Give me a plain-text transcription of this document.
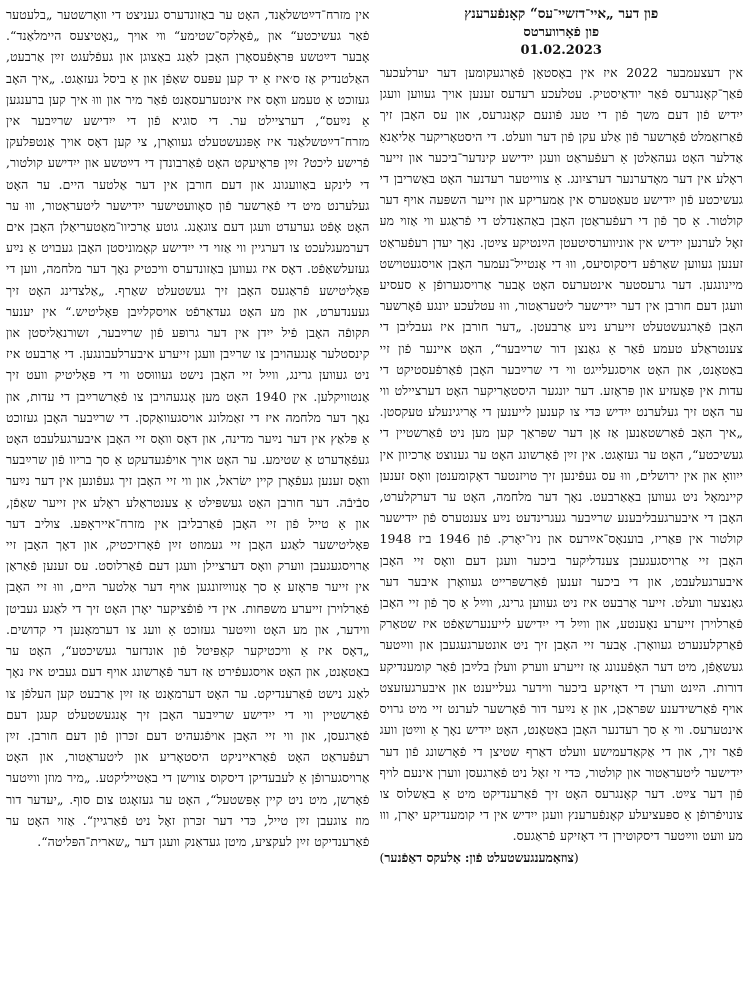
אין מזרח־דײַטשלאַנד, האָט ער באַזונדערס געניצט די װאָרשטער „בלעטער פֿאַר געשיכטע“ און „פֿאָלקס־שטימע“ װי אויך „נאָטיצעס היימלאַנד“. אָבער דײַטשע פּראָפֿעסאָרן האָבן לאַנג באַצוגן און געפֿלעגט זײַן אַרבעט, האַלטנדיק אַז ס׳איז אַ יד קען עפּעס שאַפֿן און אַ ביסל געזאַגט. „איך האָב געזוכט אַ טעמע װאָס איז אינטערעסאַנט פֿאַר מיר און װוּ איך קען ברענגען אַ נײַעס“, דערציילט ער. די סוגיא פֿון די ייִדישע שרײַבער אין מזרח־דײַטשלאַנד איז אָפּגעשטעלט געוואָרן, צי קען דאָס אויך אַנטפּלעקן פֿרישע ליכט? זײַן פּראָיעקט האָט פֿאַרבונדן די דײַטשע און ייִדישע קולטור, די לינקע באַוועגונג און דעם חורבן אין דער אַלטער היים. ער האָט געלערנט מיט די פֿאַרשער פֿון סאָוועטישער ייִדישער ליטעראַטור, װוּ ער האָט אָפֿט גערעדט װעגן דעם צוגאַנג. גוטע אַרכיוו־מאַטעריאַלן האָבן אים דערמעגלעכט צו דערגיין ווי אַזוי די ייִדישע קאָמוניסטן האָבן געבויט אַ נײַע געזעלשאַפֿט. דאָס איז געווען באַזונדערס וויכטיק נאָך דער מלחמה, ווען די פּאָליטישע פֿראַגעס האָבן זיך געשטעלט שאַרף. „אַלצדינג האָט זיך געענדערט, און מע האָט געדאַרפֿט אויסקלײַבן פּאָליטיש.“ אין יענער תּקופֿה האָבן פֿיל ייִדן אין דער גרופּע פֿון שרײַבער, זשורנאַליסטן און קינסטלער אָנגעהויבן צו שרײַבן װעגן זייערע איבערלעבונגען. די אַרבעט איז ניט געווען גרינג, ווײַל זיי האָבן נישט געוווּסט ווי די פּאָליטיק וועט זיך אַנטוויקלען. אין 1940 האָט מען אָנגעהויבן צו פֿאַרשרײַבן די עדות, און נאָך דער מלחמה איז די זאַמלונג אויסגעוואַקסן. די שרײַבער האָבן געזוכט אַ פּלאַץ אין דער נײַער מדינה, און דאָס וואָס זיי האָבן איבערגעלעבט האָט געפֿאָדערט אַ שטימע. ער האָט אויך אויפֿגעדעקט אַ סך בריוו פֿון שרײַבער וואָס זענען געפֿאָרן קיין ישׂראל, און ווי זיי האָבן זיך געפֿונען אין דער נײַער סבֿיבֿה. דער חורבן האָט געשפּילט אַ צענטראַלע ראָלע אין זייער שאַפֿן, און אַ טייל פֿון זיי האָבן פֿאַרבליבן אין מזרח־אייראָפּע. צוליב דער פּאָליטישער לאַגע האָבן זיי געמוזט זײַן פֿאָרזיכטיק, און דאָך האָבן זיי אַרויסגעגעבן ווערק וואָס דערציילן וועגן דעם פֿאַרלוסט. עס זענען פֿאַראַן אין זייער פּראָזע אַ סך אָנווײַזונגען אויף דער אַלטער היים, וווּ זיי האָבן פֿאַרלוירן זייערע משפּחות. אין די פֿופֿציקער יאָרן האָט זיך די לאַגע געביטן ווידער, און מע האָט ווײַטער געזוכט אַ וועג צו דערמאָנען די קדושים. „דאָס איז אַ וויכטיקער קאַפּיטל פֿון אונדזער געשיכטע“, האָט ער באַטאָנט, און האָט אויסגעפֿירט אַז דער פֿאָרשונג אויף דעם געביט איז נאָך לאַנג נישט פֿאַרענדיקט. ער האָט דערמאָנט אַז זײַן אַרבעט קען העלפֿן צו פֿאַרשטיין ווי די ייִדישע שרײַבער האָבן זיך אָנגעשטעלט קעגן דעם פֿאַרגעסן, און ווי זיי האָבן אויפֿגעהיט דעם זכּרון פֿון דעם חורבן. זײַן רעפֿעראַט האָט פֿאַראייניקט היסטאָריע און ליטעראַטור, און האָט אַרויסגערופֿן אַ לעבעדיקן דיסקוס צווישן די באַטייליקטע. „מיר מוזן ווײַטער פֿאָרשן, מיט ניט קיין אָפּשטעל“, האָט ער געזאָגט צום סוף. „יעדער דור מוז צוגעבן זײַן טייל, כּדי דער זכּרון זאָל ניט פֿאַרגיין“. אַזוי האָט ער פֿאַרענדיקט זײַן לעקציע, מיטן געדאַנק וועגן דער „שארית־הפּליטה“.

פון דער „איי־דזשיי־עס“ קאָנפֿערענץ

פון פֿאָרווערטס

01.02.2023

אין דעצעמבער 2022 איז אין באָסטאָן פֿאָרגעקומען דער יערלעכער פֿאַך־קאָנגרעס פֿאַר יודאַיסטיק. עטלעכע רעדעס זענען אויך געווען וועגן ייִדיש פֿון דעם משך פֿון די טעג פֿונעם קאָנגרעס, און עס האָבן זיך פֿאַרזאַמלט פֿאָרשער פֿון אַלע עקן פֿון דער וועלט. די היסטאָריקער אַליאַנאַ אַדלער האָט געהאַלטן אַ רעפֿעראַט וועגן ייִדישע קינדער־ביכער און זייער ראָלע אין דער מאָדערנער דערציִונג. אַ צווייטער רעדנער האָט באַשריבן די געשיכטע פֿון ייִדישע טעאַטערס אין אַמעריקע און זייער השפּעה אויף דער קולטור. אַ סך פֿון די רעפֿעראַטן האָבן באַהאַנדלט די פֿראַגע ווי אַזוי מע זאָל לערנען ייִדיש אין אוניווערסיטעטן הײַנטיקע צײַטן. נאָך יעדן רעפֿעראַט זענען געווען שאַרפֿע דיסקוסיעס, וווּ די אָנטייל־נעמער האָבן אויסגעטוישט מיינונגען. דער גרעסטער אינטערעס האָט אָבער אַרויסגערופֿן אַ סעסיע וועגן דעם חורבן אין דער ייִדישער ליטעראַטור, וווּ עטלעכע יונגע פֿאָרשער האָבן פֿאָרגעשטעלט זייערע נײַע אַרבעטן. „דער חורבן איז געבליבן די צענטראַלע טעמע פֿאַר אַ גאַנצן דור שרײַבער“, האָט איינער פֿון זיי באַטאָנט, און האָט אויסגעלייגט ווי די שרײַבער האָבן פֿאַרפֿעסטיקט די עדות אין פּאָעזיע און פּראָזע. דער יונגער היסטאָריקער האָט דערציילט ווי ער האָט זיך געלערנט ייִדיש כּדי צו קענען לייענען די אָריגינעלע טעקסטן. „איך האָב פֿאַרשטאַנען אַז אָן דער שפּראַך קען מען ניט פֿאַרשטיין די געשיכטע“, האָט ער געזאָגט. אין זײַן פֿאָרשונג האָט ער גענוצט אַרכיוון אין ייִוואָ און אין ירושלים, וווּ עס געפֿינען זיך טויזנטער דאָקומענטן וואָס זענען קיינמאָל ניט געווען באַאַרבעט. נאָך דער מלחמה, האָט ער דערקלערט, האָבן די איבערגעבליבענע שרײַבער געגרינדעט נײַע צענטערס פֿון ייִדישער קולטור אין פּאַריז, בוענאָס־אײַרעס און ניו־יאָרק. פֿון 1946 ביז 1948 האָבן זיי אַרויסגעגעבן צענדליקער ביכער וועגן דעם וואָס זיי האָבן איבערגעלעבט, און די ביכער זענען פֿאַרשפּרייט געוואָרן איבער דער גאַנצער וועלט. זייער אַרבעט איז ניט געווען גרינג, ווײַל אַ סך פֿון זיי האָבן פֿאַרלוירן זייערע נאָענטע, און ווײַל די ייִדישע לייענערשאַפֿט איז שטאַרק פֿאַרקלענערט געוואָרן. אָבער זיי האָבן זיך ניט אונטערגעגעבן און ווײַטער געשאַפֿן, מיט דער האָפֿענונג אַז זייערע ווערק וועלן בלײַבן פֿאַר קומענדיקע דורות. הײַנט ווערן די דאָזיקע ביכער ווידער געלייענט און איבערגעזעצט אויף פֿאַרשידענע שפּראַכן, און אַ נײַער דור פֿאָרשער לערנט זיי מיט גרויס אינטערעס. ווי אַ סך רעדנער האָבן באַטאָנט, האָט ייִדיש נאָך אַ ווײַטן וועג פֿאַר זיך, און די אַקאַדעמישע וועלט דאַרף שטיצן די פֿאָרשונג פֿון דער ייִדישער ליטעראַטור און קולטור, כּדי זי זאָל ניט פֿאַרגעסן ווערן אינעם לויף פֿון דער צײַט. דער קאָנגרעס האָט זיך פֿאַרענדיקט מיט אַ באַשלוס צו צונויפֿרופֿן אַ ספּעציעלע קאָנפֿערענץ וועגן ייִדיש אין די קומענדיקע יאָרן, וווּ מע וועט ווײַטער דיסקוטירן די דאָזיקע פֿראַגעס.

(צוזאַמענגעשטעלט פֿון: אַלעקס דאַפֿנער)
